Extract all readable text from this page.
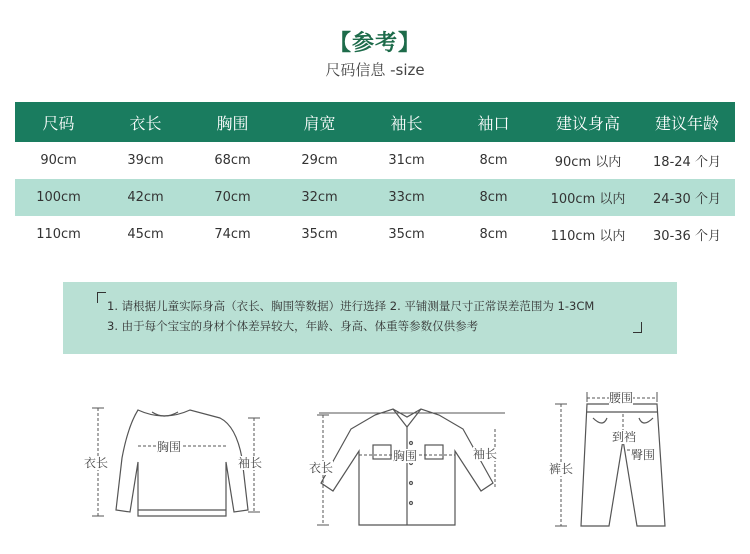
【参考】
尺码信息 -size
尺码	衣长	胸围	肩宽	袖长	袖口	建议身高	建议年龄
90cm	39cm	68cm	29cm	31cm	8cm	90cm 以内	18-24 个月
100cm	42cm	70cm	32cm	33cm	8cm	100cm 以内	24-30 个月
110cm	45cm	74cm	35cm	35cm	8cm	110cm 以内	30-36 个月
1. 请根据儿童实际身高（衣长、胸围等数据）进行选择 2. 平铺测量尺寸正常误差范围为 1-3CM
3. 由于每个宝宝的身材个体差异较大，年龄、身高、体重等参数仅供参考
衣长
胸围
袖长	衣长
胸围	袖长
腰围
到裆
臀围
裤长
